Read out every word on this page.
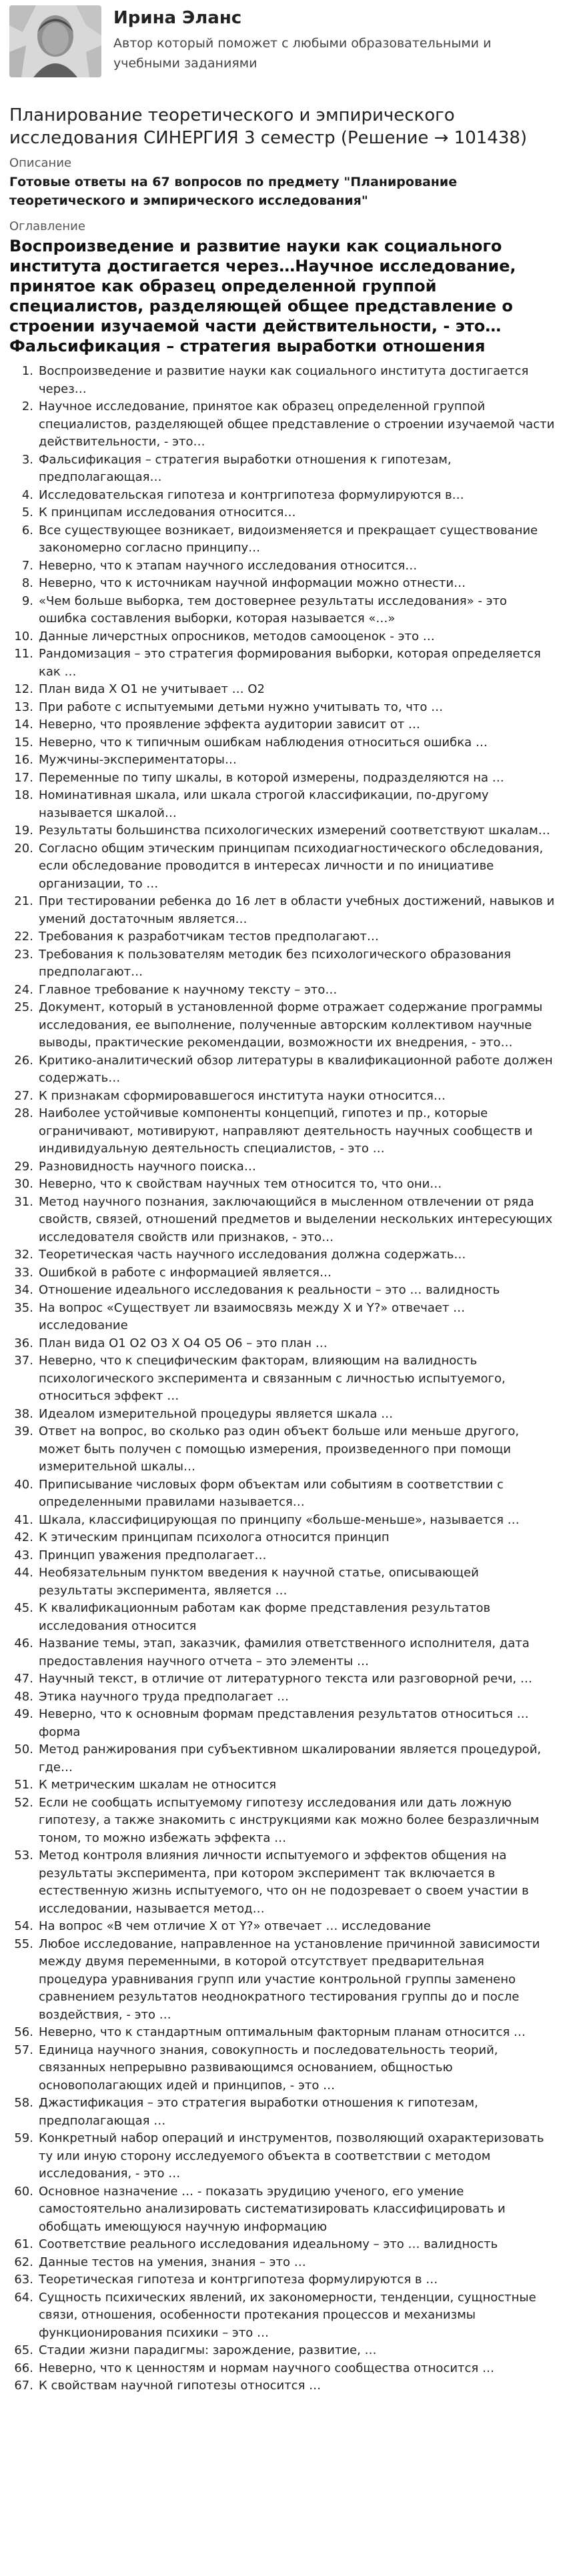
Ирина Эланс
Автор который поможет с любыми образовательными и учебными заданиями
Планирование теоретического и эмпирического исследования СИНЕРГИЯ 3 семестр (Решение → 101438)
Описание
Готовые ответы на 67 вопросов по предмету "Планирование теоретического и эмпирического исследования"
Оглавление
Воспроизведение и развитие науки как социального института достигается через…Научное исследование, принятое как образец определенной группой специалистов, разделяющей общее представление о строении изучаемой части действительности, - это…Фальсификация – стратегия выработки отношения
1. Воспроизведение и развитие науки как социального института достигается через…
2. Научное исследование, принятое как образец определенной группой специалистов, разделяющей общее представление о строении изучаемой части действительности, - это…
3. Фальсификация – стратегия выработки отношения к гипотезам, предполагающая…
4. Исследовательская гипотеза и контргипотеза формулируются в…
5. К принципам исследования относится…
6. Все существующее возникает, видоизменяется и прекращает существование закономерно согласно принципу…
7. Неверно, что к этапам научного исследования относится…
8. Неверно, что к источникам научной информации можно отнести…
9. «Чем больше выборка, тем достовернее результаты исследования» - это ошибка составления выборки, которая называется «…»
10. Данные личерстных опросников, методов самооценок - это …
11. Рандомизация – это стратегия формирования выборки, которая определяется как …
12. План вида X O1 не учитывает … O2
13. При работе с испытуемыми детьми нужно учитывать то, что …
14. Неверно, что проявление эффекта аудитории зависит от …
15. Неверно, что к типичным ошибкам наблюдения относиться ошибка …
16. Мужчины-экспериментаторы…
17. Переменные по типу шкалы, в которой измерены, подразделяются на …
18. Номинативная шкала, или шкала строгой классификации, по-другому называется шкалой…
19. Результаты большинства психологических измерений соответствуют шкалам…
20. Согласно общим этическим принципам психодиагностического обследования, если обследование проводится в интересах личности и по инициативе организации, то …
21. При тестировании ребенка до 16 лет в области учебных достижений, навыков и умений достаточным является…
22. Требования к разработчикам тестов предполагают…
23. Требования к пользователям методик без психологического образования предполагают…
24. Главное требование к научному тексту – это…
25. Документ, который в установленной форме отражает содержание программы исследования, ее выполнение, полученные авторским коллективом научные выводы, практические рекомендации, возможности их внедрения, - это…
26. Критико-аналитический обзор литературы в квалификационной работе должен содержать…
27. К признакам сформировавшегося института науки относится…
28. Наиболее устойчивые компоненты концепций, гипотез и пр., которые ограничивают, мотивируют, направляют деятельность научных сообществ и индивидуальную деятельность специалистов, - это …
29. Разновидность научного поиска…
30. Неверно, что к свойствам научных тем относится то, что они…
31. Метод научного познания, заключающийся в мысленном отвлечении от ряда свойств, связей, отношений предметов и выделении нескольких интересующих исследователя свойств или признаков, - это…
32. Теоретическая часть научного исследования должна содержать…
33. Ошибкой в работе с информацией является…
34. Отношение идеального исследования к реальности – это … валидность
35. На вопрос «Существует ли взаимосвязь между X и Y?» отвечает … исследование
36. План вида O1 O2 O3 X O4 O5 O6 – это план …
37. Неверно, что к специфическим факторам, влияющим на валидность психологического эксперимента и связанным с личностью испытуемого, относиться эффект …
38. Идеалом измерительной процедуры является шкала …
39. Ответ на вопрос, во сколько раз один объект больше или меньше другого, может быть получен с помощью измерения, произведенного при помощи измерительной шкалы…
40. Приписывание числовых форм объектам или событиям в соответствии с определенными правилами называется…
41. Шкала, классифицирующая по принципу «больше-меньше», называется …
42. К этическим принципам психолога относится принцип
43. Принцип уважения предполагает…
44. Необязательным пунктом введения к научной статье, описывающей результаты эксперимента, является …
45. К квалификационным работам как форме представления результатов исследования относится
46. Название темы, этап, заказчик, фамилия ответственного исполнителя, дата предоставления научного отчета – это элементы …
47. Научный текст, в отличие от литературного текста или разговорной речи, …
48. Этика научного труда предполагает …
49. Неверно, что к основным формам представления результатов относиться … форма
50. Метод ранжирования при субъективном шкалировании является процедурой, где…
51. К метрическим шкалам не относится
52. Если не сообщать испытуемому гипотезу исследования или дать ложную гипотезу, а также знакомить с инструкциями как можно более безразличным тоном, то можно избежать эффекта …
53. Метод контроля влияния личности испытуемого и эффектов общения на результаты эксперимента, при котором эксперимент так включается в естественную жизнь испытуемого, что он не подозревает о своем участии в исследовании, называется метод…
54. На вопрос «В чем отличие X от Y?» отвечает … исследование
55. Любое исследование, направленное на установление причинной зависимости между двумя переменными, в которой отсутствует предварительная процедура уравнивания групп или участие контрольной группы заменено сравнением результатов неоднократного тестирования группы до и после воздействия, - это …
56. Неверно, что к стандартным оптимальным факторным планам относится …
57. Единица научного знания, совокупность и последовательность теорий, связанных непрерывно развивающимся основанием, общностью основополагающих идей и принципов, - это …
58. Джастификация – это стратегия выработки отношения к гипотезам, предполагающая …
59. Конкретный набор операций и инструментов, позволяющий охарактеризовать ту или иную сторону исследуемого объекта в соответствии с методом исследования, - это …
60. Основное назначение … - показать эрудицию ученого, его умение самостоятельно анализировать систематизировать классифицировать и обобщать имеющуюся научную информацию
61. Соответствие реального исследования идеальному – это … валидность
62. Данные тестов на умения, знания – это …
63. Теоретическая гипотеза и контргипотеза формулируются в …
64. Сущность психических явлений, их закономерности, тенденции, сущностные связи, отношения, особенности протекания процессов и механизмы функционирования психики – это …
65. Стадии жизни парадигмы: зарождение, развитие, …
66. Неверно, что к ценностям и нормам научного сообщества относится …
67. К свойствам научной гипотезы относится …
